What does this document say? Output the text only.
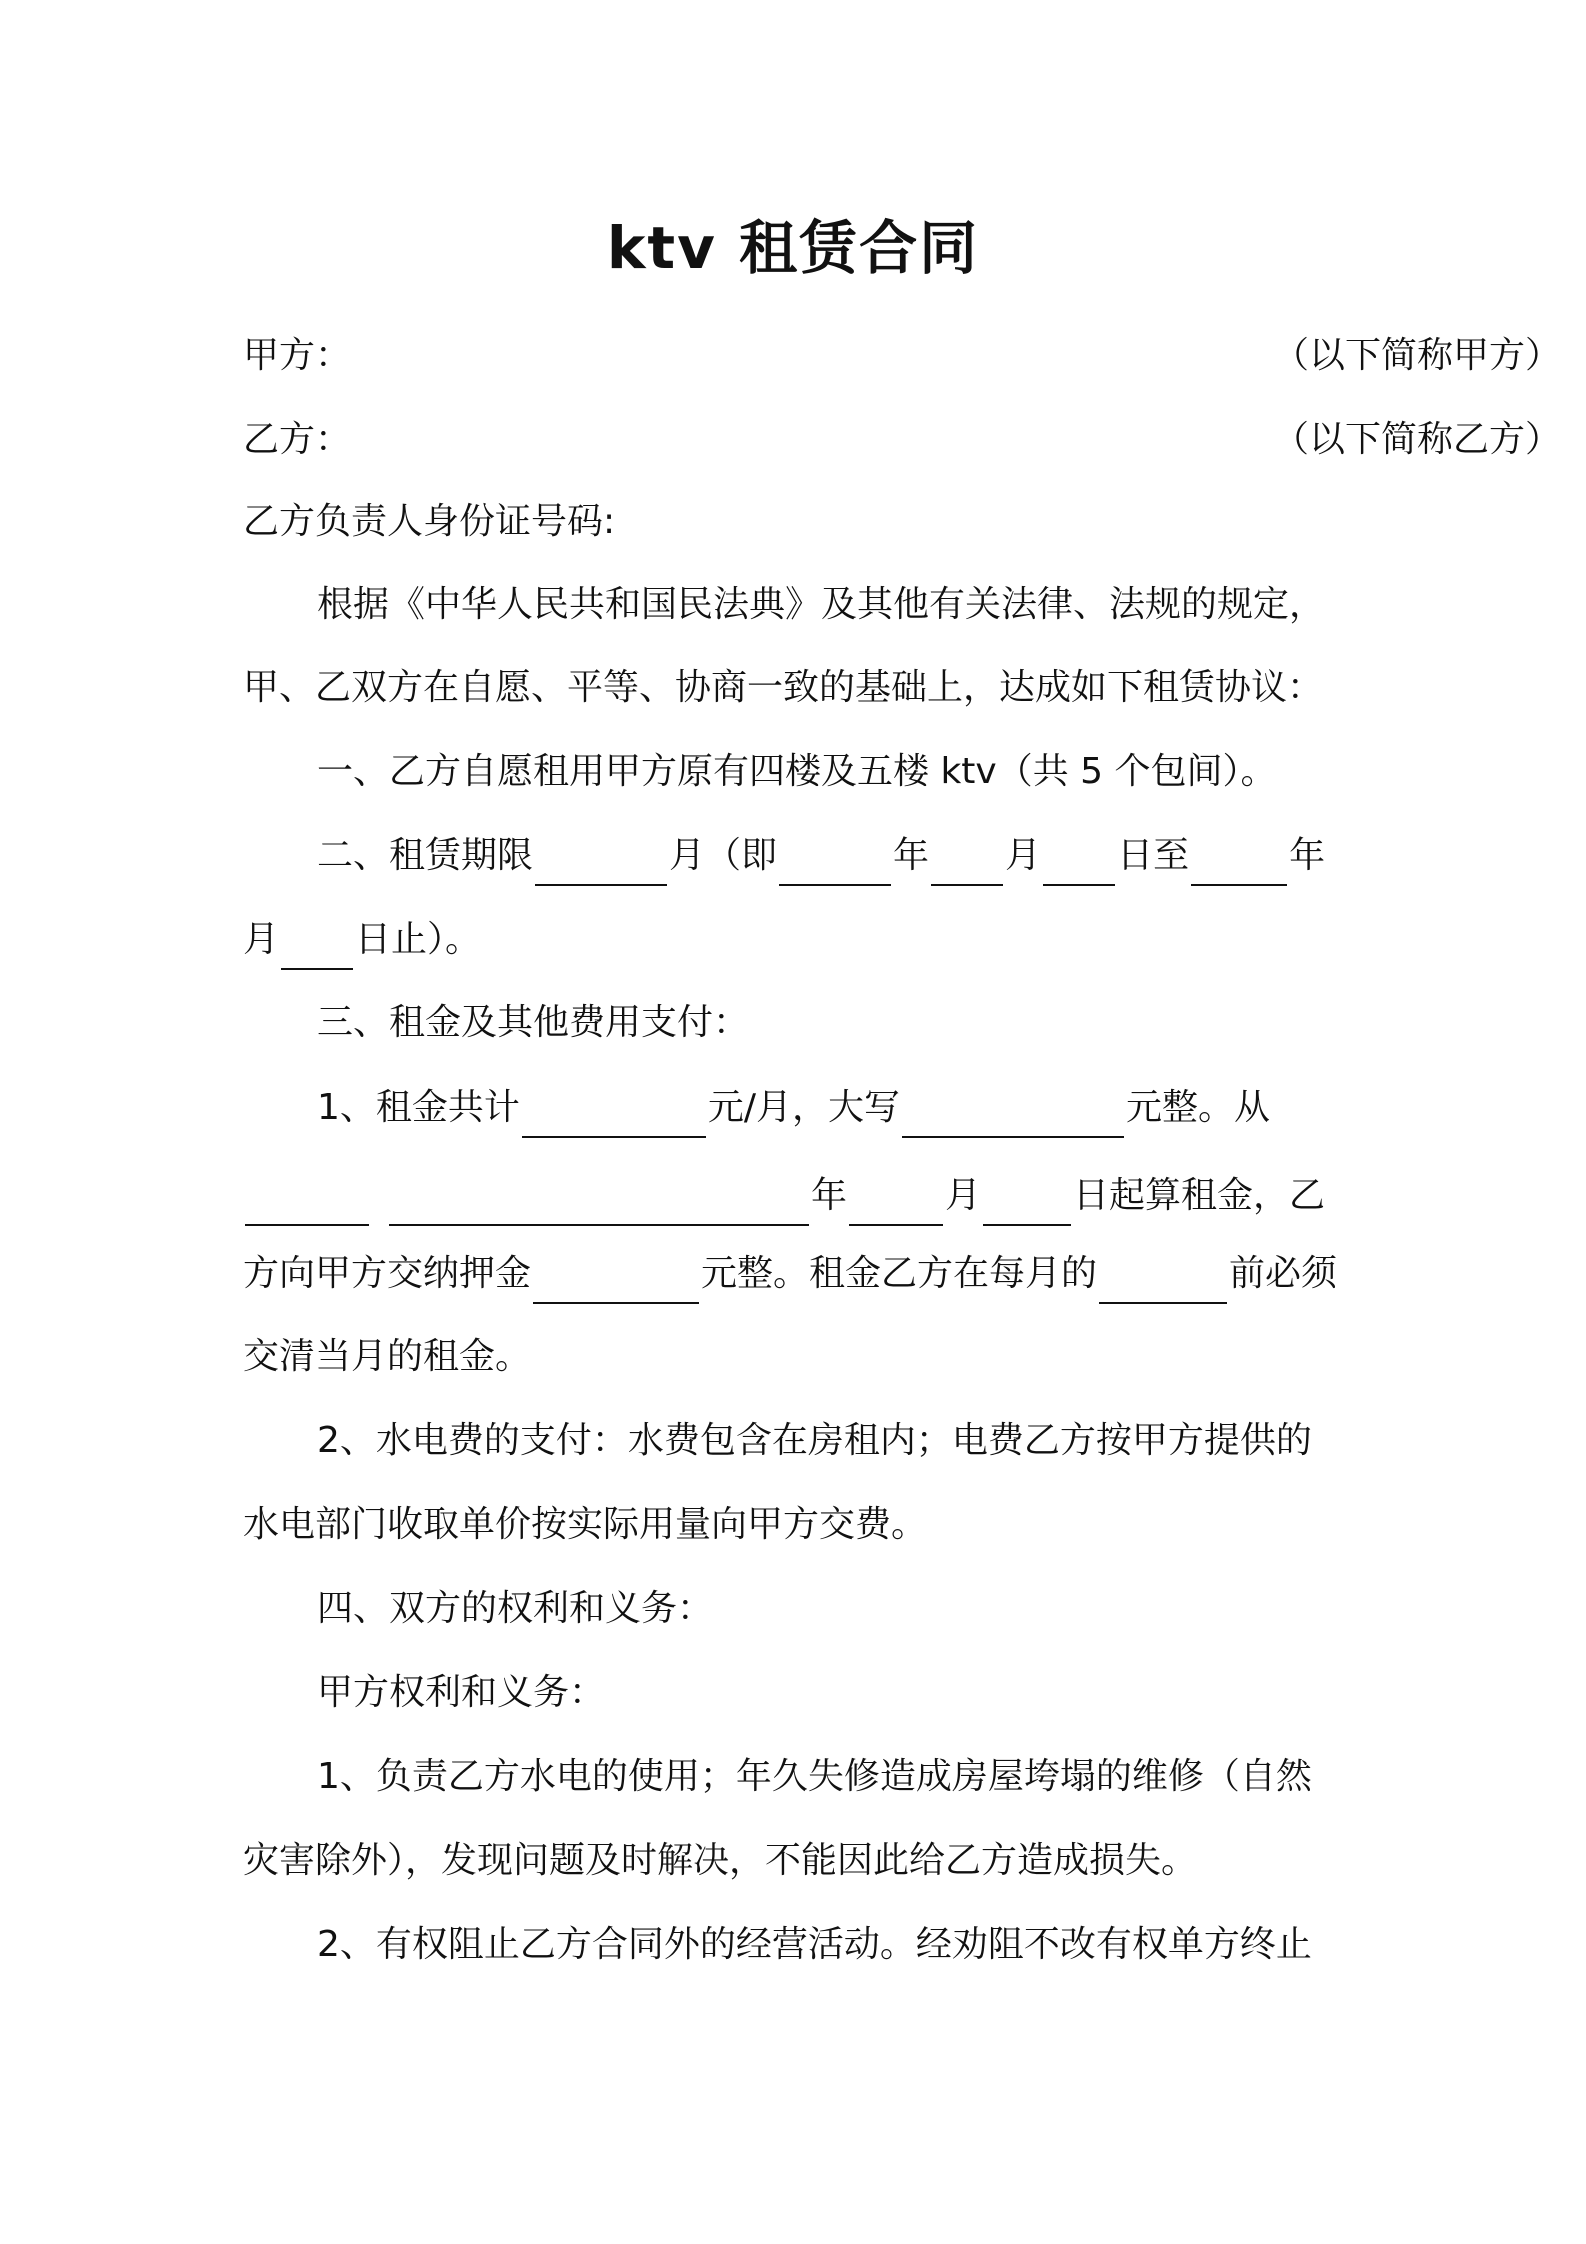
ktv 租赁合同
甲方：	（以下简称甲方）
乙方：	（以下简称乙方）
乙方负责人身份证号码:
根据《中华人民共和国民法典》及其他有关法律、法规的规定，
甲、乙双方在自愿、平等、协商一致的基础上，达成如下租赁协议：
一、乙方自愿租用甲方原有四楼及五楼 ktv（共 5 个包间）。
二、租赁期限	月（即	年 月 日至	年
月 日止）。
三、租金及其他费用支付：
1、租金共计	元/月，大写	元整。从
年	月	日起算租金，乙
方向甲方交纳押金	元整。租金乙方在每月的	前必须
交清当月的租金。
2、水电费的支付：水费包含在房租内；电费乙方按甲方提供的
水电部门收取单价按实际用量向甲方交费。
四、双方的权利和义务：
甲方权利和义务：
1、负责乙方水电的使用；年久失修造成房屋垮塌的维修（自然
灾害除外），发现问题及时解决，不能因此给乙方造成损失。
2、有权阻止乙方合同外的经营活动。经劝阻不改有权单方终止
